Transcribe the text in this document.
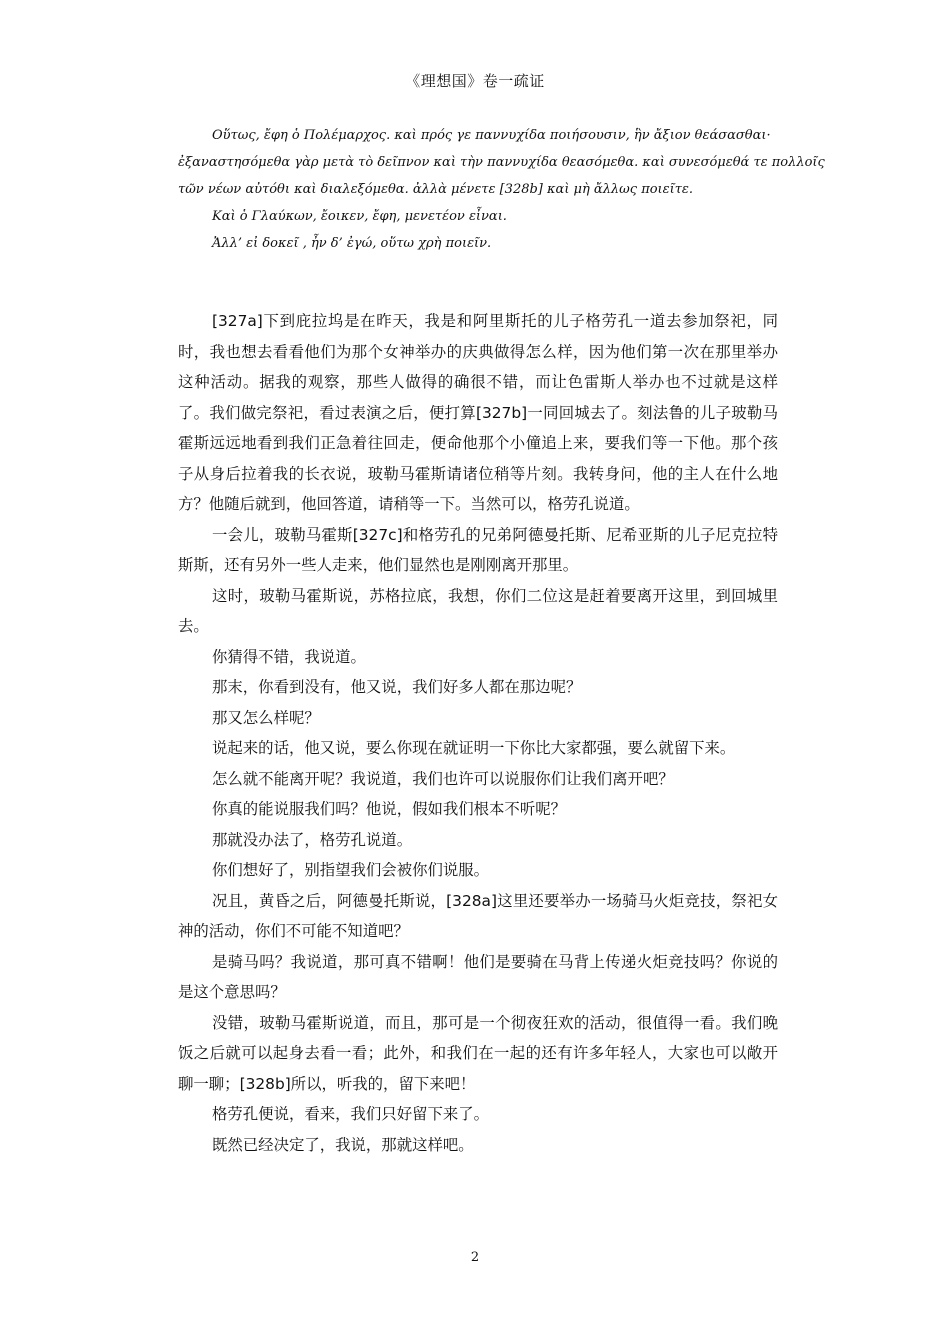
《理想国》卷一疏证

Οὕτως, ἔφη ὁ Πολέμαρχος. καὶ πρός γε παννυχίδα ποιήσουσιν, ἣν ἄξιον θεάσασθαι·

ἐξαναστησόμεθα γὰρ μετὰ τὸ δεῖπνον καὶ τὴν παννυχίδα θεασόμεθα. καὶ συνεσόμεθά τε πολλοῖς

τῶν νέων αὐτόθι καὶ διαλεξόμεθα. ἀλλὰ μένετε [328b] καὶ μὴ ἄλλως ποιεῖτε.

Καὶ ὁ Γλαύκων, ἔοικεν, ἔφη, μενετέον εἶναι.

Ἀλλ’ εἰ δοκεῖ , ἦν δ’ ἐγώ, οὕτω χρὴ ποιεῖν.

[327a]下到庇拉坞是在昨天，我是和阿里斯托的儿子格劳孔一道去参加祭祀，同时，我也想去看看他们为那个女神举办的庆典做得怎么样，因为他们第一次在那里举办这种活动。据我的观察，那些人做得的确很不错，而让色雷斯人举办也不过就是这样了。我们做完祭祀，看过表演之后，便打算[327b]一同回城去了。刻法鲁的儿子玻勒马霍斯远远地看到我们正急着往回走，便命他那个小僮追上来，要我们等一下他。那个孩子从身后拉着我的长衣说，玻勒马霍斯请诸位稍等片刻。我转身问，他的主人在什么地方？他随后就到，他回答道，请稍等一下。当然可以，格劳孔说道。

一会儿，玻勒马霍斯[327c]和格劳孔的兄弟阿德曼托斯、尼希亚斯的儿子尼克拉特斯斯，还有另外一些人走来，他们显然也是刚刚离开那里。

这时，玻勒马霍斯说，苏格拉底，我想，你们二位这是赶着要离开这里，到回城里去。

你猜得不错，我说道。

那末，你看到没有，他又说，我们好多人都在那边呢？

那又怎么样呢？

说起来的话，他又说，要么你现在就证明一下你比大家都强，要么就留下来。

怎么就不能离开呢？我说道，我们也许可以说服你们让我们离开吧？

你真的能说服我们吗？他说，假如我们根本不听呢？

那就没办法了，格劳孔说道。

你们想好了，别指望我们会被你们说服。

况且，黄昏之后，阿德曼托斯说，[328a]这里还要举办一场骑马火炬竞技，祭祀女神的活动，你们不可能不知道吧？

是骑马吗？我说道，那可真不错啊！他们是要骑在马背上传递火炬竞技吗？你说的是这个意思吗？

没错，玻勒马霍斯说道，而且，那可是一个彻夜狂欢的活动，很值得一看。我们晚饭之后就可以起身去看一看；此外，和我们在一起的还有许多年轻人，大家也可以敞开聊一聊；[328b]所以，听我的，留下来吧！

格劳孔便说，看来，我们只好留下来了。

既然已经决定了，我说，那就这样吧。

2
